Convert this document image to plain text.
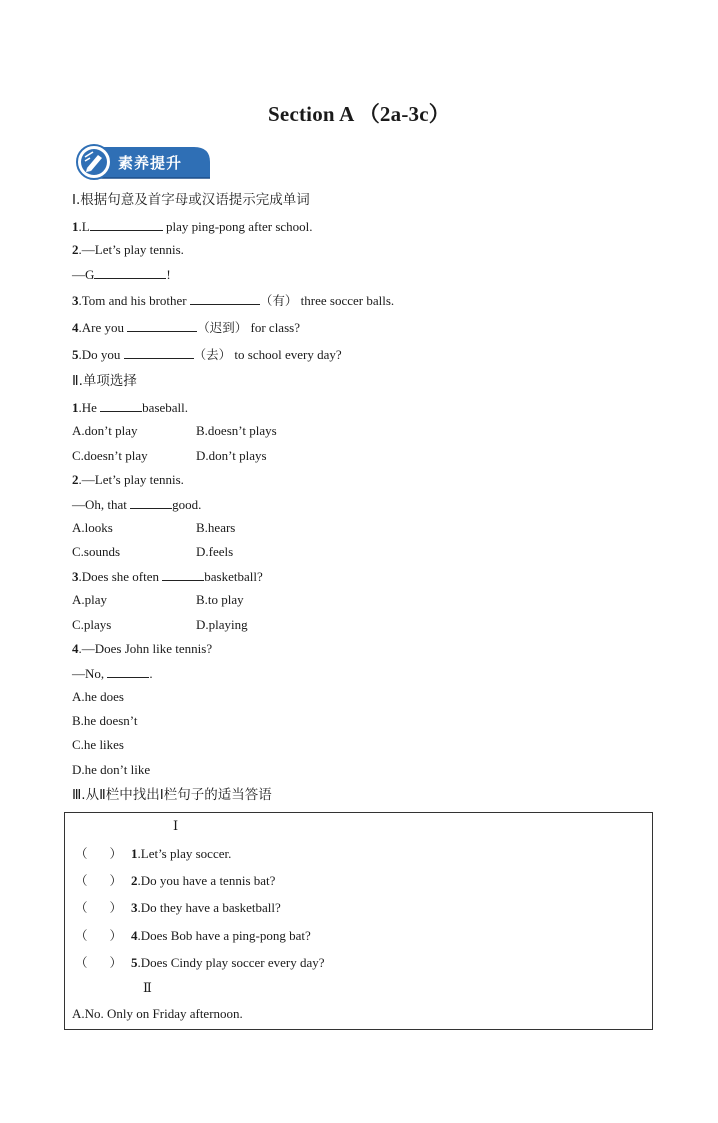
Section A （2a-3c）
素养提升
Ⅰ.根据句意及首字母或汉语提示完成单词
1.L	play ping-pong after school.
2.—Let’s play tennis.
—G	!
3.Tom and his brother	（有） three soccer balls.
4.Are you	（迟到） for class?
5.Do you	（去） to school every day?
Ⅱ.单项选择
1.He	baseball.
A.don’t play	B.doesn’t plays
C.doesn’t play	D.don’t plays
2.—Let’s play tennis.
—Oh, that	good.
A.looks	B.hears
C.sounds	D.feels
3.Does she often	basketball?
A.play	B.to play
C.plays	D.playing
4.—Does John like tennis?
—No,	.
A.he does
B.he doesn’t
C.he likes
D.he don’t like
Ⅲ.从Ⅱ栏中找出Ⅰ栏句子的适当答语
Ⅰ
（ ） 1.Let’s play soccer.
（ ） 2.Do you have a tennis bat?
（ ） 3.Do they have a basketball?
（ ） 4.Does Bob have a ping-pong bat?
（ ） 5.Does Cindy play soccer every day?
Ⅱ
A.No. Only on Friday afternoon.
